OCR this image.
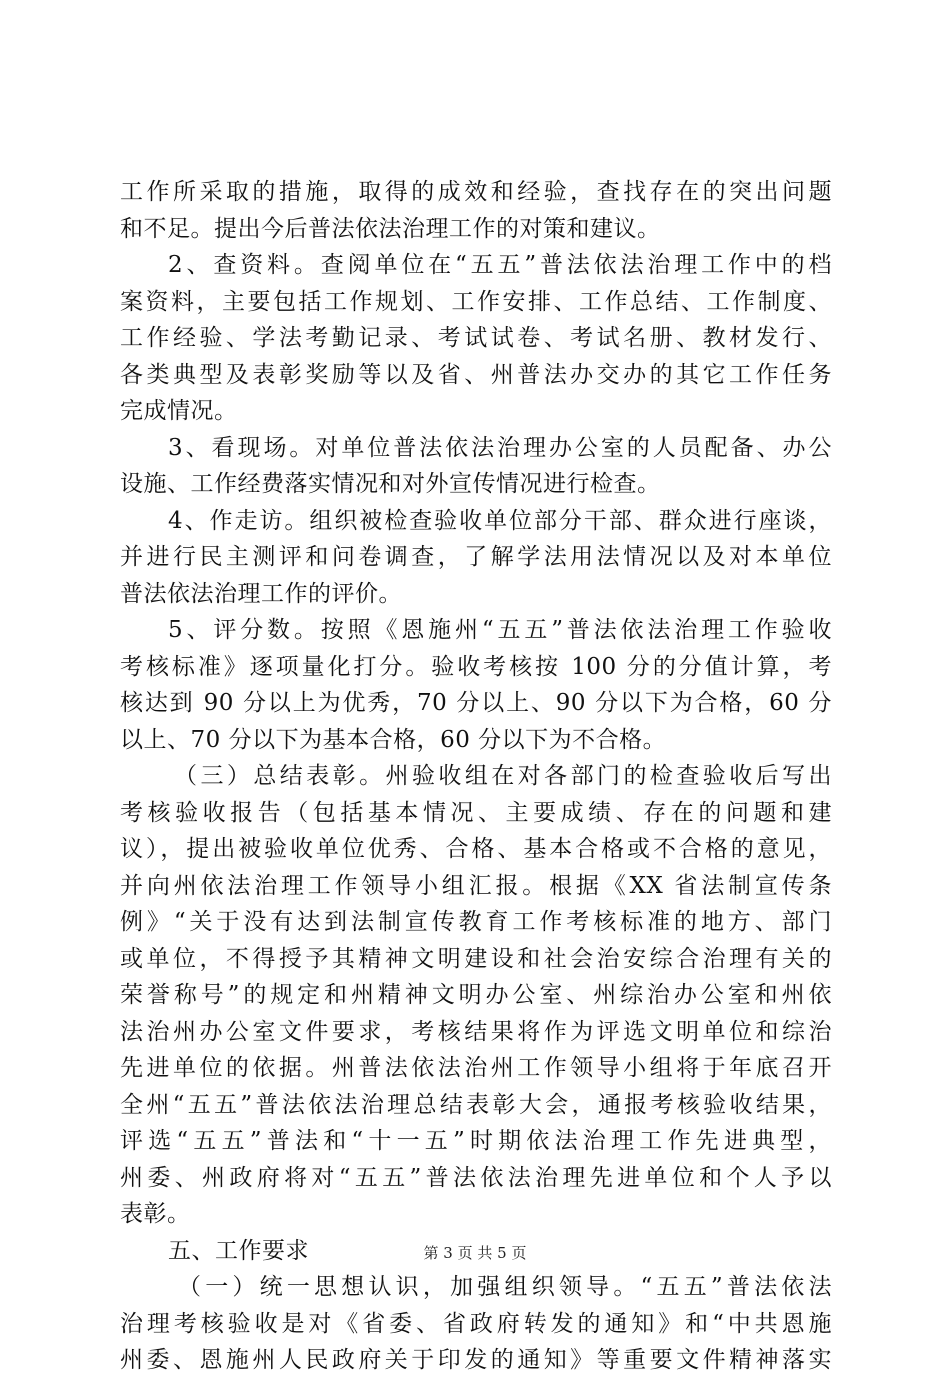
工作所采取的措施，取得的成效和经验，查找存在的突出问题
和不足。提出今后普法依法治理工作的对策和建议。
2、查资料。查阅单位在“五五”普法依法治理工作中的档
案资料，主要包括工作规划、工作安排、工作总结、工作制度、
工作经验、学法考勤记录、考试试卷、考试名册、教材发行、
各类典型及表彰奖励等以及省、州普法办交办的其它工作任务
完成情况。
3、看现场。对单位普法依法治理办公室的人员配备、办公
设施、工作经费落实情况和对外宣传情况进行检查。
4、作走访。组织被检查验收单位部分干部、群众进行座谈，
并进行民主测评和问卷调查，了解学法用法情况以及对本单位
普法依法治理工作的评价。
5、评分数。按照《恩施州“五五”普法依法治理工作验收
考核标准》逐项量化打分。验收考核按 100 分的分值计算，考
核达到 90 分以上为优秀，70 分以上、90 分以下为合格，60 分
以上、70 分以下为基本合格，60 分以下为不合格。
（三）总结表彰。州验收组在对各部门的检查验收后写出
考核验收报告（包括基本情况、主要成绩、存在的问题和建
议），提出被验收单位优秀、合格、基本合格或不合格的意见，
并向州依法治理工作领导小组汇报。根据《XX 省法制宣传条
例》“关于没有达到法制宣传教育工作考核标准的地方、部门
或单位，不得授予其精神文明建设和社会治安综合治理有关的
荣誉称号”的规定和州精神文明办公室、州综治办公室和州依
法治州办公室文件要求，考核结果将作为评选文明单位和综治
先进单位的依据。州普法依法治州工作领导小组将于年底召开
全州“五五”普法依法治理总结表彰大会，通报考核验收结果，
评选“五五”普法和“十一五”时期依法治理工作先进典型，
州委、州政府将对“五五”普法依法治理先进单位和个人予以
表彰。
五、工作要求
（一）统一思想认识，加强组织领导。“五五”普法依法
治理考核验收是对《省委、省政府转发的通知》和“中共恩施
州委、恩施州人民政府关于印发的通知》等重要文件精神落实
第 3 页 共 5 页
